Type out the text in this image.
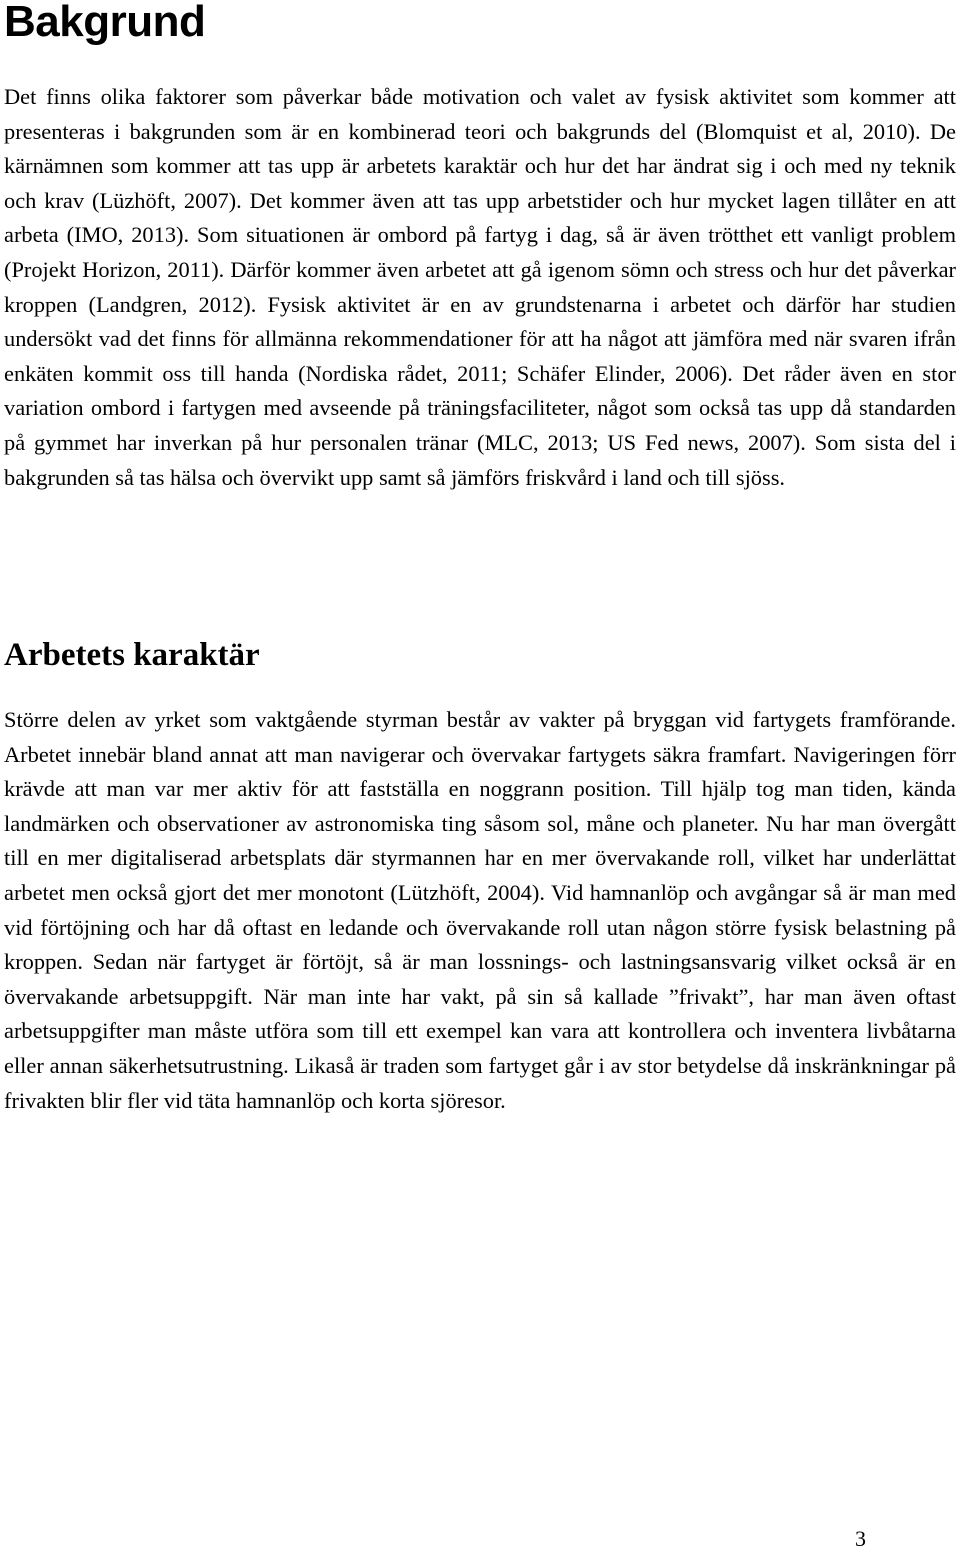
Bakgrund

Det finns olika faktorer som påverkar både motivation och valet av fysisk aktivitet som kommer att presenteras i bakgrunden som är en kombinerad teori och bakgrunds del (Blomquist et al, 2010). De kärnämnen som kommer att tas upp är arbetets karaktär och hur det har ändrat sig i och med ny teknik och krav (Lüzhöft, 2007). Det kommer även att tas upp arbetstider och hur mycket lagen tillåter en att arbeta (IMO, 2013). Som situationen är ombord på fartyg i dag, så är även trötthet ett vanligt problem (Projekt Horizon, 2011). Därför kommer även arbetet att gå igenom sömn och stress och hur det påverkar kroppen (Landgren, 2012). Fysisk aktivitet är en av grundstenarna i arbetet och därför har studien undersökt vad det finns för allmänna rekommendationer för att ha något att jämföra med när svaren ifrån enkäten kommit oss till handa (Nordiska rådet, 2011; Schäfer Elinder, 2006). Det råder även en stor variation ombord i fartygen med avseende på träningsfaciliteter, något som också tas upp då standarden på gymmet har inverkan på hur personalen tränar (MLC, 2013; US Fed news, 2007). Som sista del i bakgrunden så tas hälsa och övervikt upp samt så jämförs friskvård i land och till sjöss.

Arbetets karaktär

Större delen av yrket som vaktgående styrman består av vakter på bryggan vid fartygets framförande. Arbetet innebär bland annat att man navigerar och övervakar fartygets säkra framfart. Navigeringen förr krävde att man var mer aktiv för att fastställa en noggrann position. Till hjälp tog man tiden, kända landmärken och observationer av astronomiska ting såsom sol, måne och planeter. Nu har man övergått till en mer digitaliserad arbetsplats där styrmannen har en mer övervakande roll, vilket har underlättat arbetet men också gjort det mer monotont (Lützhöft, 2004). Vid hamnanlöp och avgångar så är man med vid förtöjning och har då oftast en ledande och övervakande roll utan någon större fysisk belastning på kroppen. Sedan när fartyget är förtöjt, så är man lossnings- och lastningsansvarig vilket också är en övervakande arbetsuppgift. När man inte har vakt, på sin så kallade ”frivakt”, har man även oftast arbetsuppgifter man måste utföra som till ett exempel kan vara att kontrollera och inventera livbåtarna eller annan säkerhetsutrustning. Likaså är traden som fartyget går i av stor betydelse då inskränkningar på frivakten blir fler vid täta hamnanlöp och korta sjöresor.

3
